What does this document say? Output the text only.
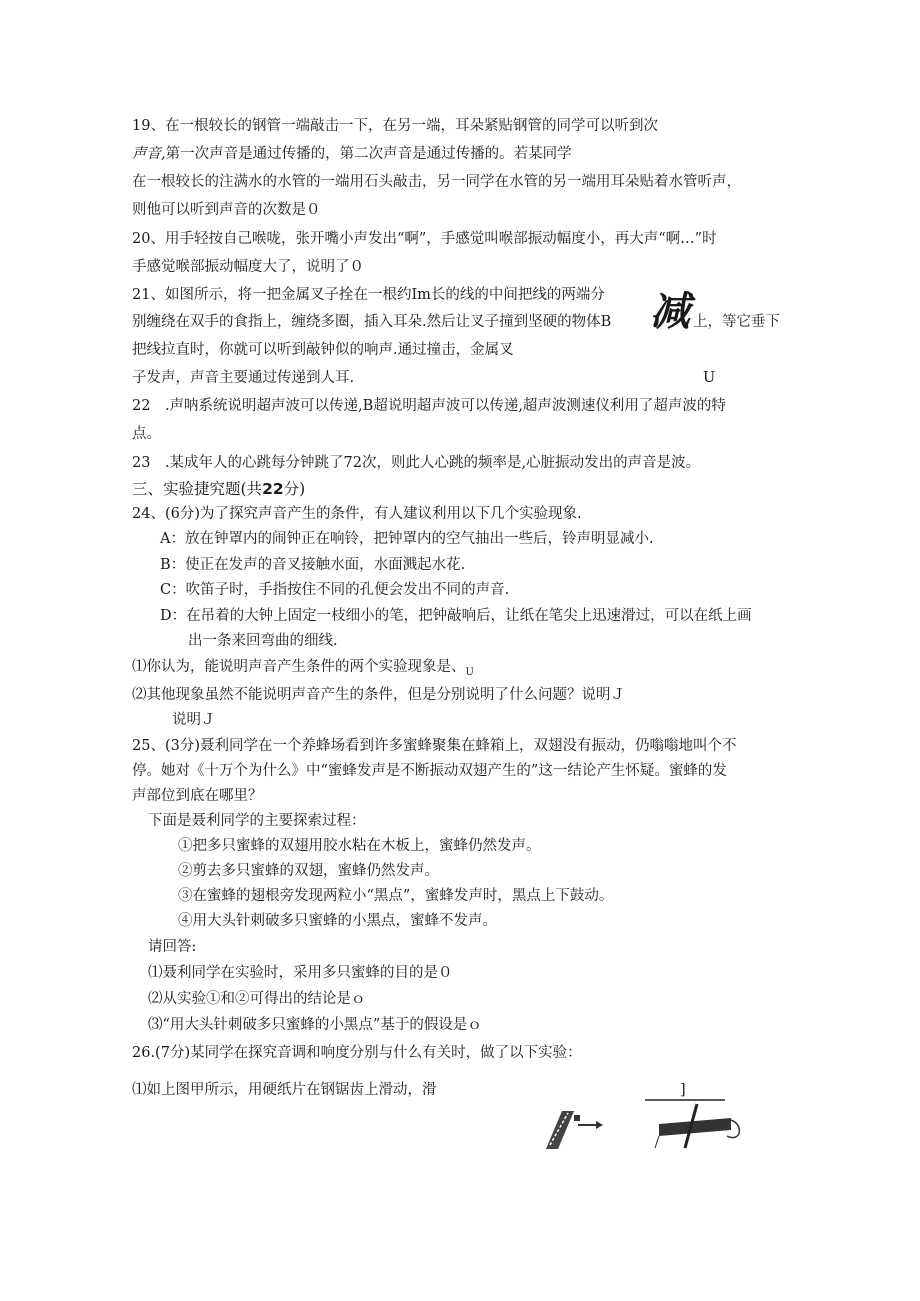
19、在一根较长的钢管一端敲击一下，在另一端，耳朵紧贴钢管的同学可以听到次
声音,第一次声音是通过传播的，第二次声音是通过传播的。若某同学
在一根较长的注满水的水管的一端用石头敲击，另一同学在水管的另一端用耳朵贴着水管听声，
则他可以听到声音的次数是０
20、用手轻按自己喉咙，张开嘴小声发出“啊”，手感觉叫喉部振动幅度小，再大声“啊…”时
手感觉喉部振动幅度大了，说明了０
21、如图所示，将一把金属叉子拴在一根约Im长的线的中间把线的两端分
别缠绕在双手的食指上，缠绕多圈，插入耳朵.然后让叉子撞到坚硬的物体B 减 上，等它垂下
把线拉直时，你就可以听到敲钟似的响声.通过撞击，金属叉
子发声，声音主要通过传递到人耳.	U
22　.声呐系统说明超声波可以传递,B超说明超声波可以传递,超声波测速仪利用了超声波的特
点。
23　.某成年人的心跳每分钟跳了72次，则此人心跳的频率是,心脏振动发出的声音是波。
三、实验捷究题(共22分)
24、(6分)为了探究声音产生的条件，有人建议利用以下几个实验现象.
A：放在钟罩内的闹钟正在响铃，把钟罩内的空气抽出一些后，铃声明显减小.
B：使正在发声的音叉接触水面，水面溅起水花.
C：吹笛子时，手指按住不同的孔便会发出不同的声音.
D：在吊着的大钟上固定一枝细小的笔，把钟敲响后，让纸在笔尖上迅速滑过，可以在纸上画
出一条来回弯曲的细线.
⑴你认为，能说明声音产生条件的两个实验现象是、$_U$
⑵其他现象虽然不能说明声音产生的条件，但是分别说明了什么问题？说明Ｊ
说明Ｊ
25、(3分)聂利同学在一个养蜂场看到许多蜜蜂聚集在蜂箱上，双翅没有振动，仍嗡嗡地叫个不
停。她对《十万个为什么》中“蜜蜂发声是不断振动双翅产生的”这一结论产生怀疑。蜜蜂的发
声部位到底在哪里？
下面是聂利同学的主要探索过程：
①把多只蜜蜂的双翅用胶水粘在木板上，蜜蜂仍然发声。
②剪去多只蜜蜂的双翅，蜜蜂仍然发声。
③在蜜蜂的翅根旁发现两粒小“黑点”，蜜蜂发声时，黑点上下鼓动。
④用大头针刺破多只蜜蜂的小黑点，蜜蜂不发声。
请回答:
⑴聂利同学在实验时，采用多只蜜蜂的目的是０
⑵从实验①和②可得出的结论是ｏ
⑶“用大头针刺破多只蜜蜂的小黑点”基于的假设是ｏ
26.(7分)某同学在探究音调和响度分别与什么有关时，做了以下实验：
⑴如上图甲所示，用硬纸片在钢锯齿上滑动，滑	]
